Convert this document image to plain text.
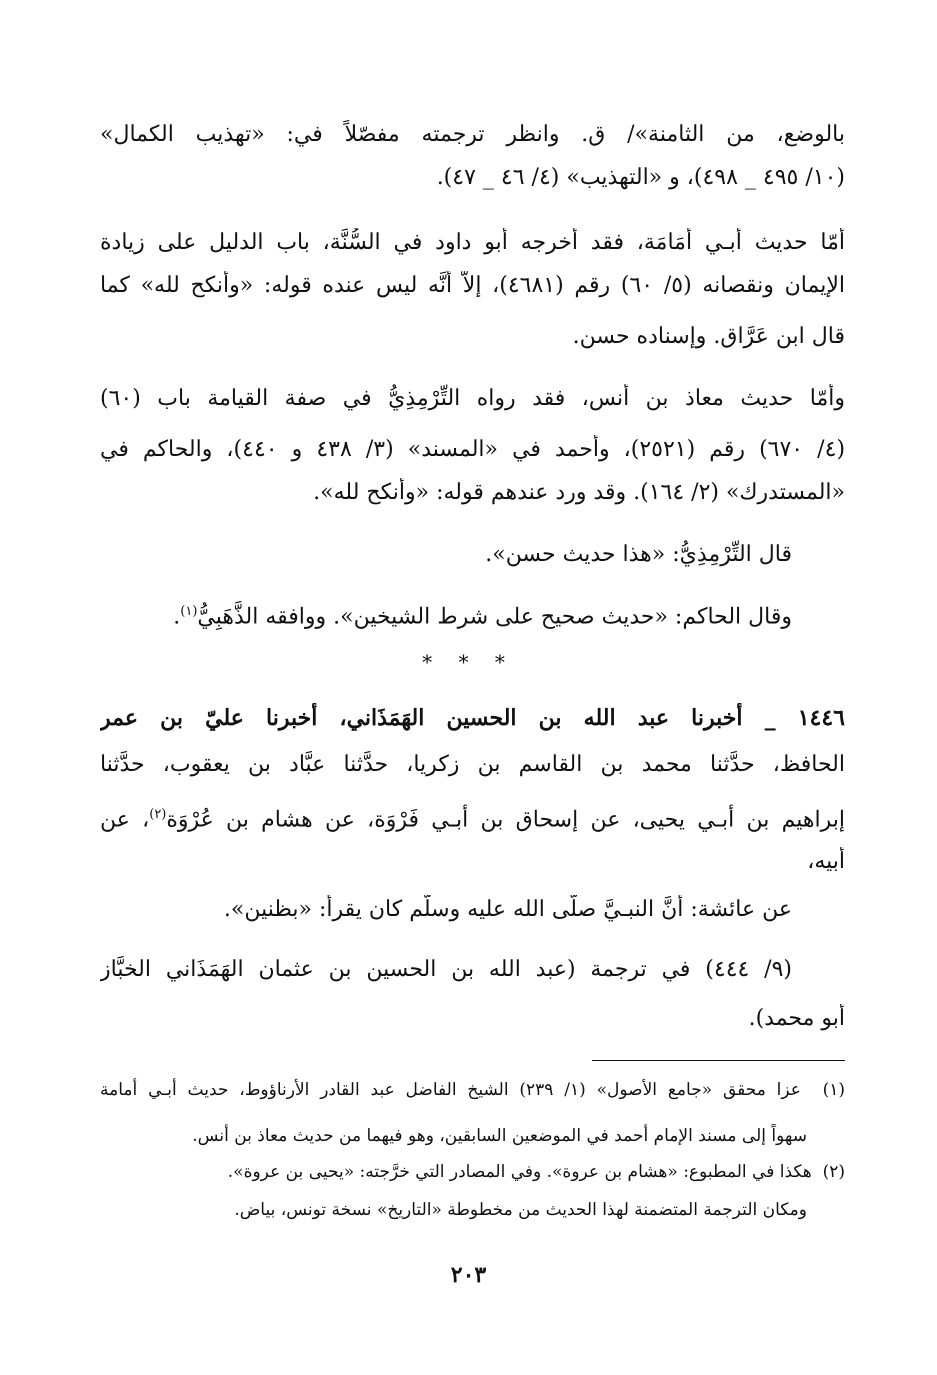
بالوضع، من الثامنة»/ ق. وانظر ترجمته مفصّلاً في: «تهذيب الكمال»
(١٠/ ٤٩٥ _ ٤٩٨)، و «التهذيب» (٤/ ٤٦ _ ٤٧).
أمّا حديث أبـي أُمَامَة، فقد أخرجه أبو داود في السُّنَّة، باب الدليل على زيادة
الإيمان ونقصانه (٥/ ٦٠) رقم (٤٦٨١)، إلاَّ أنَّه ليس عنده قوله: «وأنكح لله» كما
قال ابن عَرَّاق. وإسناده حسن.
وأمّا حديث معاذ بن أنس، فقد رواه التِّرْمِذِيُّ في صفة القيامة باب (٦٠)
(٤/ ٦٧٠) رقم (٢٥٢١)، وأحمد في «المسند» (٣/ ٤٣٨ و ٤٤٠)، والحاكم في
«المستدرك» (٢/ ١٦٤). وقد ورد عندهم قوله: «وأنكح لله».
قال التِّرْمِذِيُّ: «هذا حديث حسن».
وقال الحاكم: «حديث صحيح على شرط الشيخين». ووافقه الذَّهَبِيُّ$^{(١)}$.
* * *
١٤٤٦ _ أخبرنا عبد الله بن الحسين الهَمَذَاني، أخبرنا عليّ بن عمر
الحافظ، حدَّثنا محمد بن القاسم بن زكريا، حدَّثنا عبَّاد بن يعقوب، حدَّثنا
إبراهيم بن أبـي يحيى، عن إسحاق بن أبـي فَرْوَة، عن هشام بن عُرْوَة$^{(٢)}$، عن
أبيه،
عن عائشة: أنَّ النبـيَّ صلَّى الله عليه وسلَّم كان يقرأ: «بظنين».
(٩/ ٤٤٤) في ترجمة (عبد الله بن الحسين بن عثمان الهَمَذَاني الخبَّاز
أبو محمد).
(١)  عزا محقق «جامع الأصول» (١/ ٢٣٩) الشيخ الفاضل عبد القادر الأرناؤوط، حديث أبـي أمامة
سهواً إلى مسند الإمام أحمد في الموضعين السابقين، وهو فيهما من حديث معاذ بن أنس.
(٢)  هكذا في المطبوع: «هشام بن عروة». وفي المصادر التي خرَّجته: «يحيى بن عروة».
ومكان الترجمة المتضمنة لهذا الحديث من مخطوطة «التاريخ» نسخة تونس، بياض.
٢٠٣
